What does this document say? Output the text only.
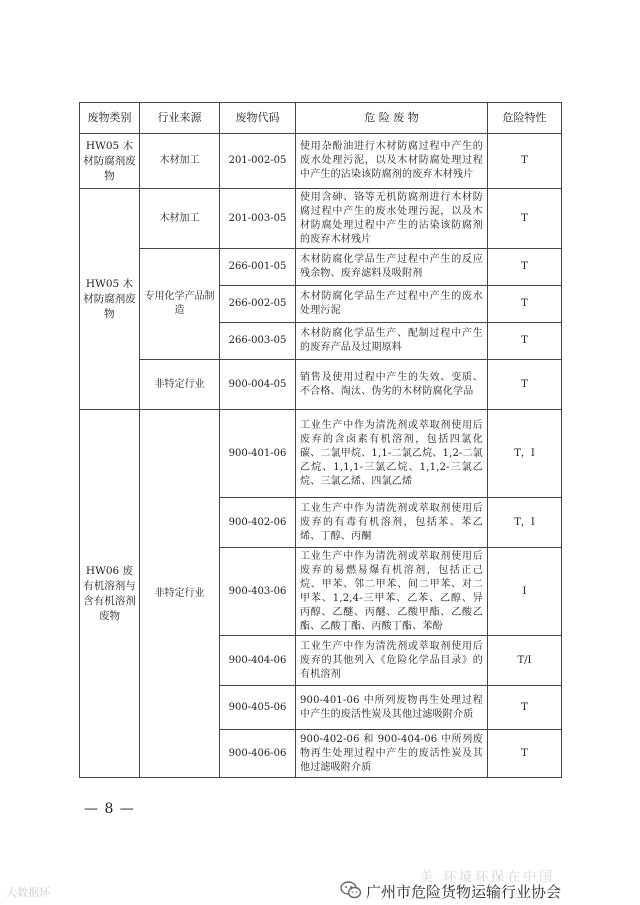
废物类别	行业来源	废物代码	危 险 废 物	危险特性
HW05 木材防腐剂废物	木材加工	201-002-05	使用杂酚油进行木材防腐过程中产生的废水处理污泥，以及木材防腐处理过程中产生的沾染该防腐剂的废弃木材残片	T
HW05 木材防腐剂废物	木材加工	201-003-05	使用含砷、铬等无机防腐剂进行木材防腐过程中产生的废水处理污泥，以及木材防腐处理过程中产生的沾染该防腐剂的废弃木材残片	T
	专用化学产品制造	266-001-05	木材防腐化学品生产过程中产生的反应残余物、废弃滤料及吸附剂	T
		266-002-05	木材防腐化学品生产过程中产生的废水处理污泥	T
		266-003-05	木材防腐化学品生产、配制过程中产生的废弃产品及过期原料	T
	非特定行业	900-004-05	销售及使用过程中产生的失效、变质、不合格、淘汰、伪劣的木材防腐化学品	T
HW06 废有机溶剂与含有机溶剂废物	非特定行业	900-401-06	工业生产中作为清洗剂或萃取剂使用后废弃的含卤素有机溶剂，包括四氯化碳、二氯甲烷、1,1-二氯乙烷、1,2-二氯乙烷、1,1,1-三氯乙烷、1,1,2-三氯乙烷、三氯乙烯、四氯乙烯	T，I
		900-402-06	工业生产中作为清洗剂或萃取剂使用后废弃的有毒有机溶剂，包括苯、苯乙烯、丁醇、丙酮	T，I
		900-403-06	工业生产中作为清洗剂或萃取剂使用后废弃的易燃易爆有机溶剂，包括正己烷、甲苯、邻二甲苯、间二甲苯、对二甲苯、1,2,4-三甲苯、乙苯、乙醇、异丙醇、乙醚、丙醚、乙酸甲酯、乙酸乙酯、乙酸丁酯、丙酸丁酯、苯酚	I
		900-404-06	工业生产中作为清洗剂或萃取剂使用后废弃的其他列入《危险化学品目录》的有机溶剂	T/I
		900-405-06	900-401-06 中所列废物再生处理过程中产生的废活性炭及其他过滤吸附介质	T
		900-406-06	900-402-06 和 900-404-06 中所列废物再生处理过程中产生的废活性炭及其他过滤吸附介质	T
— 8 —
大数据环
美 环境环保在中国
广州市危险货物运输行业协会
